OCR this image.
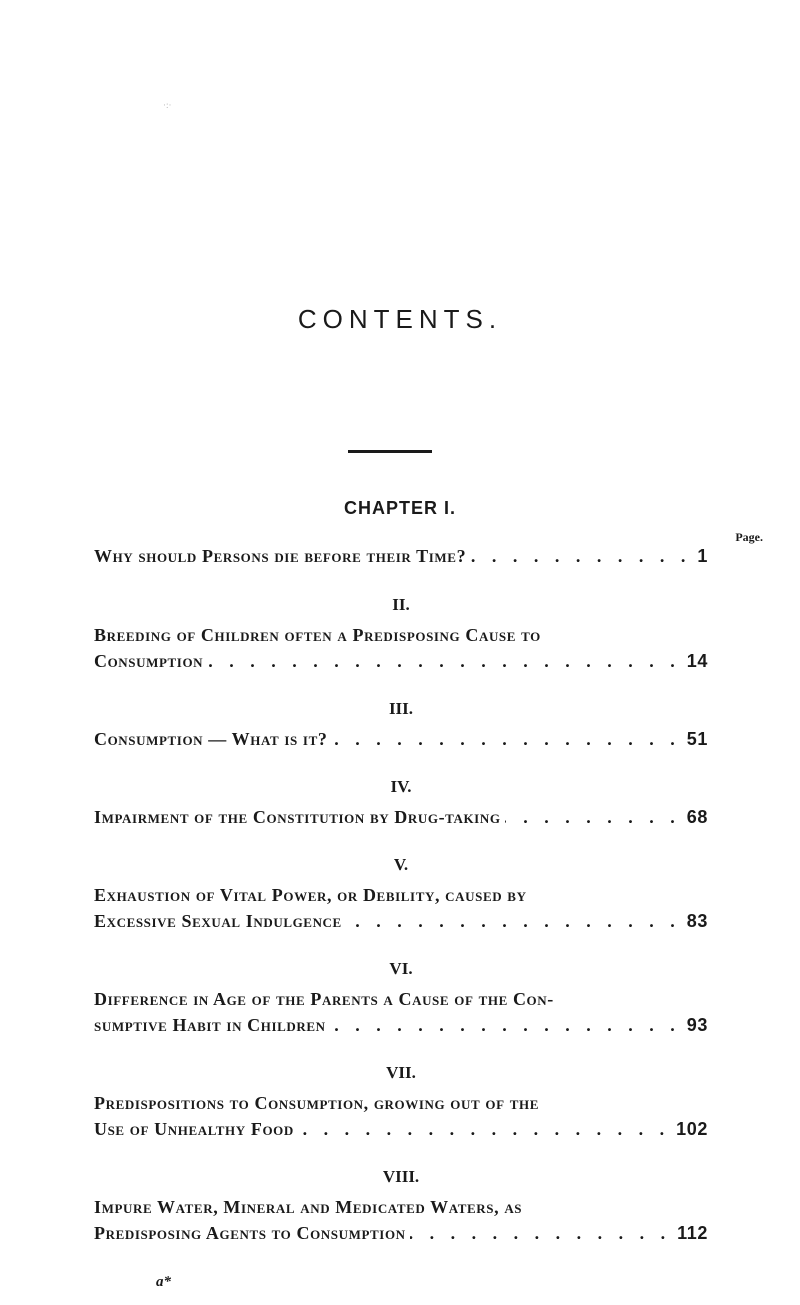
·:·
CONTENTS.
CHAPTER I.
Page.
Why should Persons die before their Time? . . .	1
II.
Breeding of Children often a Predisposing Cause to
Consumption . . .	14
III.
Consumption — What is it? . . .	51
IV.
Impairment of the Constitution by Drug-taking . . .	68
V.
Exhaustion of Vital Power, or Debility, caused by
Excessive Sexual Indulgence . . .	83
VI.
Difference in Age of the Parents a Cause of the Con-
sumptive Habit in Children . . .	93
VII.
Predispositions to Consumption, growing out of the
Use of Unhealthy Food . . .	102
VIII.
Impure Water, Mineral and Medicated Waters, as
Predisposing Agents to Consumption . . .	112
a*
